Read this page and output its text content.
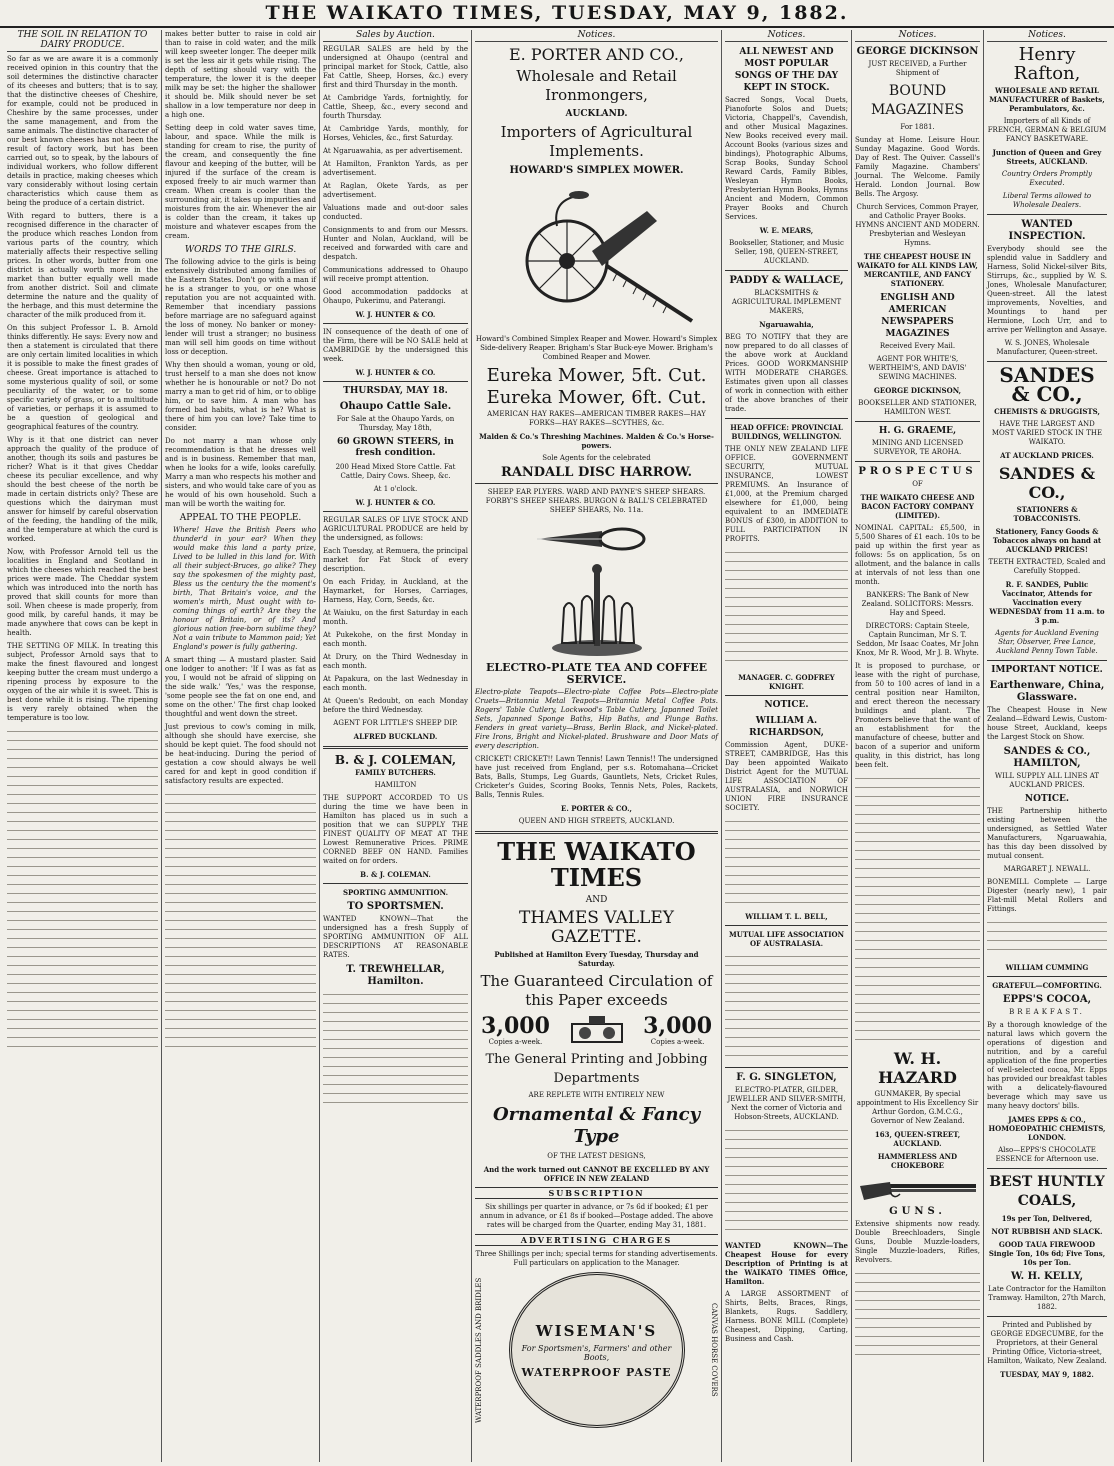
THE WAIKATO TIMES, TUESDAY, MAY 9, 1882.
THE SOIL IN RELATION TO DAIRY PRODUCE.

So far as we are aware it is a commonly received opinion in this country that the soil determines the distinctive character of its cheeses and butters; that is to say, that the distinctive cheeses of Cheshire, for example, could not be produced in Cheshire by the same processes, under the same management, and from the same animals. The distinctive character of our best known cheeses has not been the result of factory work, but has been carried out, so to speak, by the labours of individual workers, who follow different details in practice, making cheeses which vary considerably without losing certain characteristics which cause them as being the produce of a certain district.

With regard to butters, there is a recognised difference in the character of the produce which reaches London from various parts of the country, which materially affects their respective selling prices. In other words, butter from one district is actually worth more in the market than butter equally well made from another district. Soil and climate determine the nature and the quality of the herbage, and this must determine the character of the milk produced from it.

On this subject Professor L. B. Arnold thinks differently. He says: Every now and then a statement is circulated that there are only certain limited localities in which it is possible to make the finest grades of cheese. Great importance is attached to some mysterious quality of soil, or some peculiarity of the water, or to some specific variety of grass, or to a multitude of varieties, or perhaps it is assumed to be a question of geological and geographical features of the country.

Why is it that one district can never approach the quality of the produce of another, though its soils and pastures be richer? What is it that gives Cheddar cheese its peculiar excellence, and why should the best cheese of the north be made in certain districts only? These are questions which the dairyman must answer for himself by careful observation of the feeding, the handling of the milk, and the temperature at which the curd is worked.

Now, with Professor Arnold tell us the localities in England and Scotland in which the cheeses which reached the best prices were made. The Cheddar system which was introduced into the north has proved that skill counts for more than soil. When cheese is made properly, from good milk, by careful hands, it may be made anywhere that cows can be kept in health.

THE SETTING OF MILK. In treating this subject, Professor Arnold says that to make the finest flavoured and longest keeping butter the cream must undergo a ripening process by exposure to the oxygen of the air while it is sweet. This is best done while it is rising. The ripening is very rarely obtained when the temperature is too low.

makes better butter to raise in cold air than to raise in cold water, and the milk will keep sweeter longer. The deeper milk is set the less air it gets while rising. The depth of setting should vary with the temperature, the lower it is the deeper milk may be set: the higher the shallower it should be. Milk should never be set shallow in a low temperature nor deep in a high one.

Setting deep in cold water saves time, labour, and space. While the milk is standing for cream to rise, the purity of the cream, and consequently the fine flavour and keeping of the butter, will be injured if the surface of the cream is exposed freely to air much warmer than cream. When cream is cooler than the surrounding air, it takes up impurities and moistures from the air. Whenever the air is colder than the cream, it takes up moisture and whatever escapes from the cream.

WORDS TO THE GIRLS.

The following advice to the girls is being extensively distributed among families of the Eastern States. Don't go with a man if he is a stranger to you, or one whose reputation you are not acquainted with. Remember that incendiary passions before marriage are no safeguard against the loss of money. No banker or money-lender will trust a stranger; no business man will sell him goods on time without loss or deception.

Why then should a woman, young or old, trust herself to a man she does not know whether he is honourable or not? Do not marry a man to get rid of him, or to oblige him, or to save him. A man who has formed bad habits, what is he? What is there of him you can love? Take time to consider.

Do not marry a man whose only recommendation is that he dresses well and is in business. Remember that man, when he looks for a wife, looks carefully. Marry a man who respects his mother and sisters, and who would take care of you as he would of his own household. Such a man will be worth the waiting for.

APPEAL TO THE PEOPLE.

Where! Have the British Peers who thunder'd in your ear? When they would make this land a party prize, Lived to be lulled in this land for. With all their subject-Bruces, go alike? They say the spokesmen of the mighty past, Bless us the century the the moment's birth, That Britain's voice, and the women's mirth, Must ought with to-coming things of earth? Are they the honour of Britain, or of its? And glorious nation free-born sublime they? Not a vain tribute to Mammon paid; Yet England's power is fully gathering.

A smart thing — A mustard plaster. Said one lodger to another: 'If I was as fat as you, I would not be afraid of slipping on the side walk.' 'Yes,' was the response, 'some people see the fat on one end, and some on the other.' The first chap looked thoughtful and went down the street.

Just previous to cow's coming in milk, although she should have exercise, she should be kept quiet. The food should not be heat-inducing. During the period of gestation a cow should always be well cared for and kept in good condition if satisfactory results are expected.

Sales by Auction.

REGULAR SALES are held by the undersigned at Ohaupo (central and principal market for Stock, Cattle, also Fat Cattle, Sheep, Horses, &c.) every first and third Thursday in the month.

At Cambridge Yards, fortnightly, for Cattle, Sheep, &c., every second and fourth Thursday.

At Cambridge Yards, monthly, for Horses, Vehicles, &c., first Saturday.

At Ngaruawahia, as per advertisement.

At Hamilton, Frankton Yards, as per advertisement.

At Raglan, Okete Yards, as per advertisement.

Valuations made and out-door sales conducted.

Consignments to and from our Messrs. Hunter and Nolan, Auckland, will be received and forwarded with care and despatch.

Communications addressed to Ohaupo will receive prompt attention.

Good accommodation paddocks at Ohaupo, Pukerimu, and Paterangi.

W. J. HUNTER & CO.

IN consequence of the death of one of the Firm, there will be NO SALE held at CAMBRIDGE by the undersigned this week.

W. J. HUNTER & CO.

THURSDAY, MAY 18.
Ohaupo Cattle Sale.

For Sale at the Ohaupo Yards, on Thursday, May 18th,

60 GROWN STEERS, in fresh condition.

200 Head Mixed Store Cattle. Fat Cattle, Dairy Cows. Sheep, &c.

At 1 o'clock.

W. J. HUNTER & CO.

REGULAR SALES OF LIVE STOCK AND AGRICULTURAL PRODUCE are held by the undersigned, as follows:

Each Tuesday, at Remuera, the principal market for Fat Stock of every description.

On each Friday, in Auckland, at the Haymarket, for Horses, Carriages, Harness, Hay, Corn, Seeds, &c.

At Waiuku, on the first Saturday in each month.

At Pukekohe, on the first Monday in each month.

At Drury, on the Third Wednesday in each month.

At Papakura, on the last Wednesday in each month.

At Queen's Redoubt, on each Monday before the third Wednesday.

AGENT FOR LITTLE'S SHEEP DIP.

ALFRED BUCKLAND.

B. & J. COLEMAN,

FAMILY BUTCHERS.

HAMILTON

THE SUPPORT ACCORDED TO US during the time we have been in Hamilton has placed us in such a position that we can SUPPLY THE FINEST QUALITY OF MEAT AT THE Lowest Remunerative Prices. PRIME CORNED BEEF ON HAND. Families waited on for orders.

B. & J. COLEMAN.

SPORTING AMMUNITION.

TO SPORTSMEN.

WANTED KNOWN—That the undersigned has a fresh Supply of SPORTING AMMUNITION OF ALL DESCRIPTIONS AT REASONABLE RATES.

T. TREWHELLAR, Hamilton.
Notices.
E. PORTER AND CO.,
Wholesale and Retail Ironmongers,
AUCKLAND.
Importers of Agricultural Implements.
HOWARD'S SIMPLEX MOWER.

Howard's Combined Simplex Reaper and Mower. Howard's Simplex Side-delivery Reaper. Brigham's Star Buck-eye Mower. Brigham's Combined Reaper and Mower.

Eureka Mower, 5ft. Cut.
Eureka Mower, 6ft. Cut.

AMERICAN HAY RAKES—AMERICAN TIMBER RAKES—HAY FORKS—HAY RAKES—SCYTHES, &c.

Malden & Co.'s Threshing Machines. Malden & Co.'s Horse-powers.

Sole Agents for the celebrated

RANDALL DISC HARROW.

SHEEP EAR PLYERS. WARD AND PAYNE'S SHEEP SHEARS. FORBY'S SHEEP SHEARS. BURGON & BALL'S CELEBRATED SHEEP SHEARS, No. 11a.

ELECTRO-PLATE TEA AND COFFEE SERVICE.

Electro-plate Teapots—Electro-plate Coffee Pots—Electro-plate Cruets—Britannia Metal Teapots—Britannia Metal Coffee Pots. Rogers' Table Cutlery, Lockwood's Table Cutlery, Japanned Toilet Sets, Japanned Sponge Baths, Hip Baths, and Plunge Baths. Fenders in great variety—Brass, Berlin Black, and Nickel-plated. Fire Irons, Bright and Nickel-plated. Brushware and Door Mats of every description.

CRICKET! CRICKET!! Lawn Tennis! Lawn Tennis!! The undersigned have just received from England, per s.s. Rotomahana—Cricket Bats, Balls, Stumps, Leg Guards, Gauntlets, Nets, Cricket Rules, Cricketer's Guides, Scoring Books, Tennis Nets, Poles, Rackets, Balls, Tennis Rules.

E. PORTER & CO.,

QUEEN AND HIGH STREETS, AUCKLAND.

THE WAIKATO TIMES
AND
THAMES VALLEY GAZETTE.

Published at Hamilton Every Tuesday, Thursday and Saturday.

The Guaranteed Circulation of this Paper exceeds
3,000
Copies a-week.
3,000
Copies a-week.
The General Printing and Jobbing Departments

ARE REPLETE WITH ENTIRELY NEW

Ornamental & Fancy Type

OF THE LATEST DESIGNS,

And the work turned out CANNOT BE EXCELLED BY ANY OFFICE IN NEW ZEALAND

SUBSCRIPTION

Six shillings per quarter in advance, or 7s 6d if booked; £1 per annum in advance, or £1 8s if booked—Postage added. The above rates will be charged from the Quarter, ending May 31, 1881.

ADVERTISING CHARGES

Three Shillings per inch; special terms for standing advertisements. Full particulars on application to the Manager.

WATERPROOF SADDLES AND BRIDLES	WISEMAN'S
For Sportsmen's, Farmers' and other Boots,
WATERPROOF PASTE	CANVAS HORSE COVERS
Notices.
ALL NEWEST AND MOST POPULAR SONGS OF THE DAY KEPT IN STOCK.

Sacred Songs, Vocal Duets, Pianoforte Solos and Duets; Victoria, Chappell's, Cavendish, and other Musical Magazines. New Books received every mail. Account Books (various sizes and bindings), Photographic Albums, Scrap Books, Sunday School Reward Cards, Family Bibles, Wesleyan Hymn Books, Presbyterian Hymn Books, Hymns Ancient and Modern, Common Prayer Books and Church Services.

W. E. MEARS,

Bookseller, Stationer, and Music Seller, 198, QUEEN-STREET, AUCKLAND.

PADDY & WALLACE,

BLACKSMITHS & AGRICULTURAL IMPLEMENT MAKERS,

Ngaruawahia,

BEG TO NOTIFY that they are now prepared to do all classes of the above work at Auckland Prices. GOOD WORKMANSHIP WITH MODERATE CHARGES. Estimates given upon all classes of work in connection with either of the above branches of their trade.

HEAD OFFICE: PROVINCIAL BUILDINGS, WELLINGTON.

THE ONLY NEW ZEALAND LIFE OFFICE. GOVERNMENT SECURITY, MUTUAL INSURANCE, LOWEST PREMIUMS. An Insurance of £1,000, at the Premium charged elsewhere for £1,000, being equivalent to an IMMEDIATE BONUS of £300, in ADDITION to FULL PARTICIPATION IN PROFITS.

MANAGER. C. GODFREY KNIGHT.

NOTICE.
WILLIAM A. RICHARDSON,

Commission Agent, DUKE-STREET, CAMBRIDGE, Has this Day been appointed Waikato District Agent for the MUTUAL LIFE ASSOCIATION OF AUSTRALASIA, and NORWICH UNION FIRE INSURANCE SOCIETY.

WILLIAM T. L. BELL,

MUTUAL LIFE ASSOCIATION OF AUSTRALASIA.

F. G. SINGLETON,

ELECTRO-PLATER, GILDER, JEWELLER AND SILVER-SMITH, Next the corner of Victoria and Hobson-Streets, AUCKLAND.

WANTED KNOWN—The Cheapest House for every Description of Printing is at the WAIKATO TIMES Office, Hamilton.

A LARGE ASSORTMENT of Shirts, Belts, Braces, Rings, Blankets, Rugs. Saddlery, Harness. BONE MILL (Complete) Cheapest, Dipping, Carting, Business and Cash.

Notices.
GEORGE DICKINSON

JUST RECEIVED, a Further Shipment of

BOUND MAGAZINES

For 1881.

Sunday at Home. Leisure Hour. Sunday Magazine. Good Words. Day of Rest. The Quiver. Cassell's Family Magazine. Chambers' Journal. The Welcome. Family Herald. London Journal. Bow Bells. The Argosy.

Church Services, Common Prayer, and Catholic Prayer Books. HYMNS ANCIENT AND MODERN. Presbyterian and Wesleyan Hymns.

THE CHEAPEST HOUSE IN WAIKATO for ALL KINDS LAW, MERCANTILE, AND FANCY STATIONERY.

ENGLISH AND AMERICAN NEWSPAPERS MAGAZINES

Received Every Mail.

AGENT FOR WHITE'S, WERTHEIM'S, AND DAVIS' SEWING MACHINES.

GEORGE DICKINSON,

BOOKSELLER AND STATIONER, HAMILTON WEST.

H. G. GRAEME,

MINING AND LICENSED SURVEYOR, TE AROHA.

PROSPECTUS

OF

THE WAIKATO CHEESE AND BACON FACTORY COMPANY (LIMITED).

NOMINAL CAPITAL: £5,500, in 5,500 Shares of £1 each. 10s to be paid up within the first year as follows: 5s on application, 5s on allotment, and the balance in calls at intervals of not less than one month.

BANKERS: The Bank of New Zealand. SOLICITORS: Messrs. Hay and Speed.

DIRECTORS: Captain Steele, Captain Runciman, Mr S. T. Seddon, Mr Isaac Coates, Mr John Knox, Mr R. Wood, Mr J. B. Whyte.

It is proposed to purchase, or lease with the right of purchase, from 50 to 100 acres of land in a central position near Hamilton, and erect thereon the necessary buildings and plant. The Promoters believe that the want of an establishment for the manufacture of cheese, butter and bacon of a superior and uniform quality, in this district, has long been felt.

W. H. HAZARD

GUNMAKER, By special appointment to His Excellency Sir Arthur Gordon, G.M.C.G., Governor of New Zealand.

163, QUEEN-STREET, AUCKLAND.

HAMMERLESS AND CHOKEBORE

GUNS.

Extensive shipments now ready. Double Breechloaders, Single Guns, Double Muzzle-loaders, Single Muzzle-loaders, Rifles, Revolvers.

Notices.
Henry Rafton,

WHOLESALE AND RETAIL MANUFACTURER of Baskets, Perambulators, &c.

Importers of all Kinds of FRENCH, GERMAN & BELGIUM FANCY BASKETWARE.

Junction of Queen and Grey Streets, AUCKLAND.

Country Orders Promptly Executed.

Liberal Terms allowed to Wholesale Dealers.

WANTED INSPECTION.

Everybody should see the splendid value in Saddlery and Harness, Solid Nickel-silver Bits, Stirrups, &c., supplied by W. S. Jones, Wholesale Manufacturer, Queen-street. All the latest improvements, Novelties, and Mountings to hand per Hermione, Loch Urr, and to arrive per Wellington and Assaye.

W. S. JONES, Wholesale Manufacturer, Queen-street.

SANDES & CO.,

CHEMISTS & DRUGGISTS,

HAVE THE LARGEST AND MOST VARIED STOCK IN THE WAIKATO.

AT AUCKLAND PRICES.

SANDES & CO.,

STATIONERS & TOBACCONISTS.

Stationery, Fancy Goods & Tobaccos always on hand at AUCKLAND PRICES!

TEETH EXTRACTED, Scaled and Carefully Stopped.

R. F. SANDES, Public Vaccinator, Attends for Vaccination every WEDNESDAY from 11 a.m. to 3 p.m.

Agents for Auckland Evening Star, Observer, Free Lance, Auckland Penny Town Table.

IMPORTANT NOTICE.
Earthenware, China, Glassware.

The Cheapest House in New Zealand—Edward Lewis, Custom-house Street, Auckland, keeps the Largest Stock on Show.

SANDES & CO., HAMILTON,

WILL SUPPLY ALL LINES AT AUCKLAND PRICES.

NOTICE.

THE Partnership hitherto existing between the undersigned, as Settled Water Manufacturers, Ngaruawahia, has this day been dissolved by mutual consent.

MARGARET J. NEWALL.

BONEMILL Complete — Large Digester (nearly new), 1 pair Flat-mill Metal Rollers and Fittings.

WILLIAM CUMMING

GRATEFUL—COMFORTING.

EPPS'S COCOA,

BREAKFAST.

By a thorough knowledge of the natural laws which govern the operations of digestion and nutrition, and by a careful application of the fine properties of well-selected cocoa, Mr. Epps has provided our breakfast tables with a delicately-flavoured beverage which may save us many heavy doctors' bills.

JAMES EPPS & CO., HOMOEOPATHIC CHEMISTS, LONDON.

Also—EPPS'S CHOCOLATE ESSENCE for Afternoon use.

BEST HUNTLY COALS,

19s per Ton, Delivered,

NOT RUBBISH AND SLACK.

GOOD TAUA FIREWOOD Single Ton, 10s 6d; Five Tons, 10s per Ton.

W. H. KELLY,

Late Contractor for the Hamilton Tramway. Hamilton, 27th March, 1882.

Printed and Published by GEORGE EDGECUMBE, for the Proprietors, at their General Printing Office, Victoria-street, Hamilton, Waikato, New Zealand.

TUESDAY, MAY 9, 1882.
